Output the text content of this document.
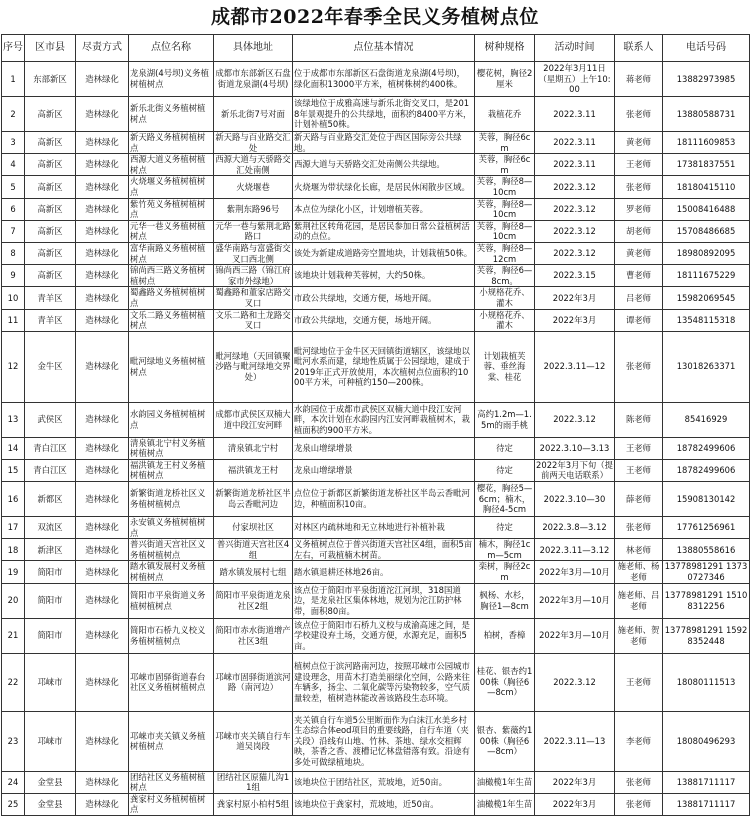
成都市2022年春季全民义务植树点位
序号	区市县	尽责方式	点位名称	具体地址	点位基本情况	树种规格	活动时间	联系人	电话号码
1	东部新区	造林绿化	龙泉湖(4号坝)义务植树植树点	成都市东部新区石盘街道龙泉湖(4号坝)	位于成都市东部新区石盘街道龙泉湖(4号坝)，绿化面积13000平方米，植树株树约400株。	樱花树，胸径2厘米	2022年3月11日（星期五）上午10:00	蒋老师	13882973985
2	高新区	造林绿化	新乐北街义务植树植树点	新乐北街7号对面	该绿地位于成雅高速与新乐北街交叉口，是2018年景观提升的公共绿地，面积约8400平方米，计划补植50株。	栽植花乔	2022.3.11	张老师	13880588731
3	高新区	造林绿化	新天路义务植树植树点	新天路与百业路交汇处	新天路与百业路交汇处位于西区国际旁公共绿地。	芙蓉，胸径6cm	2022.3.11	黄老师	18111609853
4	高新区	造林绿化	西源大道义务植树植树点	西源大道与天骄路交汇处南侧	西源大道与天骄路交汇处南侧公共绿地。	芙蓉，胸径6cm	2022.3.11	王老师	17381837551
5	高新区	造林绿化	火烧堰义务植树植树点	火烧堰巷	火烧堰为带状绿化长廊，是居民休闲散步区域。	芙蓉，胸径8—10cm	2022.3.12	张老师	18180415110
6	高新区	造林绿化	紫竹苑义务植树植树点	紫荆东路96号	本点位为绿化小区，计划增植芙蓉。	芙蓉，胸径8—10cm	2022.3.12	罗老师	15008416488
7	高新区	造林绿化	元华一巷义务植树植树点	元华一巷与紫荆北路路口	紫荆社区转角花园，是居民参加日常公益植树活动的点位。	芙蓉，胸径8—10cm	2022.3.12	胡老师	15708486685
8	高新区	造林绿化	富华南路义务植树植树点	盛华南路与富盛街交叉口西北侧	该处为新建成道路旁空置地块，计划栽植50株。	芙蓉，胸径8—12cm	2022.3.12	黄老师	18980892095
9	高新区	造林绿化	锦尚西三路义务植树植树点	锦尚西三路（锦江府家市外绿地）	该地块计划栽种芙蓉树，大约50株。	芙蓉，胸径6—8cm。	2022.3.15	曹老师	18111675229
10	青羊区	造林绿化	蜀鑫路义务植树植树点	蜀鑫路和董家店路交叉口	市政公共绿地，交通方便，场地开阔。	小规格花乔、灌木	2022年3月	吕老师	15982069545
11	青羊区	造林绿化	文乐二路义务植树植树点	文乐二路和土龙路交叉口	市政公共绿地，交通方便，场地开阔。	小规格花乔、灌木	2022年3月	谭老师	13548115318
12	金牛区	造林绿化	毗河绿地义务植树植树点	毗河绿地（天回镇聚沙路与毗河绿地交界处）	毗河绿地位于金牛区天回镇街道辖区，该绿地以毗河水系而建，绿地性质属于公园绿地，建成于2019年正式开放使用，本次植树点位面积约1000平方米，可种植约150—200株。	计划栽植芙蓉、垂丝海棠、桂花	2022.3.11—12	张老师	13018263371
13	武侯区	造林绿化	水韵园义务植树植树点	成都市武侯区双楠大道中段江安河畔	水韵园位于成都市武侯区双楠大道中段江安河畔，本次计划在水韵园内江安河畔栽植树木，栽植面积约900平方米。	高约1.2m—1.5m的雨手桃	2022.3.12	陈老师	85416929
14	青白江区	造林绿化	清泉镇北宁村义务植树植树点	清泉镇北宁村	龙泉山增绿增景	待定	2022.3.10—3.13	王老师	18782499606
15	青白江区	造林绿化	福洪镇龙王村义务植树植树点	福洪镇龙王村	龙泉山增绿增景	待定	2022年3月下旬（提前两天电话联系）	王老师	18782499606
16	新都区	造林绿化	新繁街道龙桥社区义务植树植树点	新繁街道龙桥社区半岛云香毗河边	点位位于新都区新繁街道龙桥社区半岛云香毗河边，种植面积10亩。	樱花，胸径5—6cm；楠木，胸径4-5cm	2022.3.10—30	薛老师	15908130142
17	双流区	造林绿化	永安镇义务植树植树点	付家坝社区	对林区内疏林地和无立林地进行补植补栽	待定	2022.3.8—3.12	张老师	17761256961
18	新津区	造林绿化	普兴街道天宫社区义务植树植树点	普兴街道天宫社区4组	义务植树点位于普兴街道天宫社区4组，面积5亩左右，可栽植楠木树苗。	楠木，胸径1cm—5cm	2022.3.11—3.12	林老师	13880558616
19	简阳市	造林绿化	踏水镇发展村义务植树植树点	踏水镇发展村七组	踏水镇退耕还林地26亩。	栾树，胸径2cm	2022年3月—10月	施老师、杨老师	13778981291 13730727346
20	简阳市	造林绿化	简阳市平泉街道义务植树植树点	简阳市平泉街道龙泉社区2组	该点位于简阳市平泉街道沱江河坝，318国道边，是龙泉社区集体林地，规划为沱江防护林带，面积80亩。	枫杨、水杉，胸径1—8cm	2022年3月—10月	施老师、吕老师	13778981291 15108312256
21	简阳市	造林绿化	简阳市石桥九义校义务植树植树点	简阳市赤水街道增产社区3组	该点位于简阳市石桥九义校与成渝高速之间，是学校建设弃土场，交通方便，水源充足，面积5亩。	柏树，香樟	2022年3月—10月	施老师、贺老师	13778981291 15928352448
22	邛崃市	造林绿化	邛崃市固驿街道春台社区义务植树植树点	邛崃市固驿街道滨河路（南河边）	植树点位于滨河路南河边，按照邛崃市公园城市建设理念，用苗木打造美丽绿化空间，公路来往车辆多，扬尘、二氧化碳等污染物较多，空气质量较差，植树造林能改善该路段生态环境。	桂花、银杏约100株（胸径6—8cm）	2022.3.12	王老师	18080111513
23	邛崃市	造林绿化	邛崃市夹关镇义务植树植树点	邛崃市夹关镇自行车道吴岗段	夹关镇自行车道5公里断面作为白沫江水美乡村生态综合体eod项目的重要线路，自行车道（夹关段）沿线有山地、竹林、茶地、绿水交相辉映，茶香之香、渡槽记忆林盘错落有致。沿途有多处可做绿植地块。	银杏、紫薇约100株（胸径6—8cm）	2022.3.11—13	李老师	18080496293
24	金堂县	造林绿化	团结社区义务植树植树点	团结社区原猫儿沟11组	该地块位于团结社区，荒坡地，近50亩。	油橄榄1年生苗	2022年3月	张老师	13881711117
25	金堂县	造林绿化	龚家村义务植树植树点	龚家村原小柏村5组	该地块位于龚家村，荒坡地，近50亩。	油橄榄1年生苗	2022年3月	张老师	13881711117
